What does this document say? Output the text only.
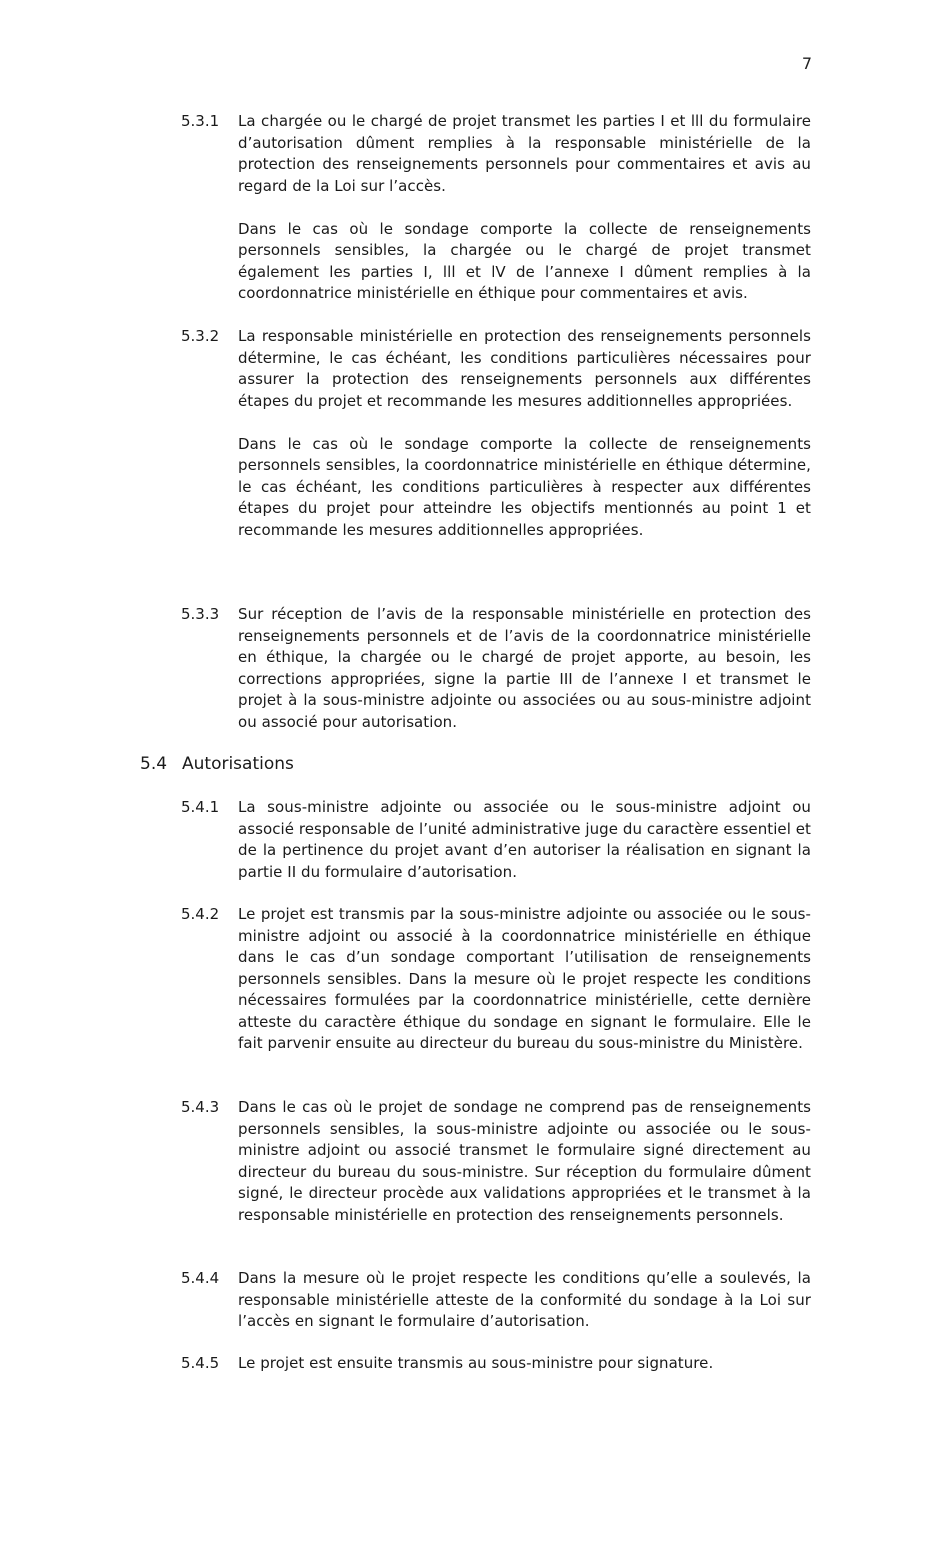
7
5.3.1	La chargée ou le chargé de projet transmet les parties I et lll du formulaire d’autorisation dûment remplies à la responsable ministérielle de la protection des renseignements personnels pour commentaires et avis au regard de la Loi sur l’accès.

Dans le cas où le sondage comporte la collecte de renseignements personnels sensibles, la chargée ou le chargé de projet transmet également les parties I, lll et lV de l’annexe I dûment remplies à la coordonnatrice ministérielle en éthique pour commentaires et avis.

5.3.2	La responsable ministérielle en protection des renseignements personnels détermine, le cas échéant, les conditions particulières nécessaires pour assurer la protection des renseignements personnels aux différentes étapes du projet et recommande les mesures additionnelles appropriées.

Dans le cas où le sondage comporte la collecte de renseignements personnels sensibles, la coordonnatrice ministérielle en éthique détermine, le cas échéant, les conditions particulières à respecter aux différentes étapes du projet pour atteindre les objectifs mentionnés au point 1 et recommande les mesures additionnelles appropriées.

5.3.3	Sur réception de l’avis de la responsable ministérielle en protection des renseignements personnels et de l’avis de la coordonnatrice ministérielle en éthique, la chargée ou le chargé de projet apporte, au besoin, les corrections appropriées, signe la partie III de l’annexe I et transmet le projet à la sous-ministre adjointe ou associées ou au sous-ministre adjoint ou associé pour autorisation.

5.4 Autorisations
5.4.1	La sous-ministre adjointe ou associée ou le sous-ministre adjoint ou associé responsable de l’unité administrative juge du caractère essentiel et de la pertinence du projet avant d’en autoriser la réalisation en signant la partie II du formulaire d’autorisation.

5.4.2	Le projet est transmis par la sous-ministre adjointe ou associée ou le sous-ministre adjoint ou associé à la coordonnatrice ministérielle en éthique dans le cas d’un sondage comportant l’utilisation de renseignements personnels sensibles. Dans la mesure où le projet respecte les conditions nécessaires formulées par la coordonnatrice ministérielle, cette dernière atteste du caractère éthique du sondage en signant le formulaire. Elle le fait parvenir ensuite au directeur du bureau du sous-ministre du Ministère.

5.4.3	Dans le cas où le projet de sondage ne comprend pas de renseignements personnels sensibles, la sous-ministre adjointe ou associée ou le sous-ministre adjoint ou associé transmet le formulaire signé directement au directeur du bureau du sous-ministre. Sur réception du formulaire dûment signé, le directeur procède aux validations appropriées et le transmet à la responsable ministérielle en protection des renseignements personnels.

5.4.4	Dans la mesure où le projet respecte les conditions qu’elle a soulevés, la responsable ministérielle atteste de la conformité du sondage à la Loi sur l’accès en signant le formulaire d’autorisation.

5.4.5	Le projet est ensuite transmis au sous-ministre pour signature.
